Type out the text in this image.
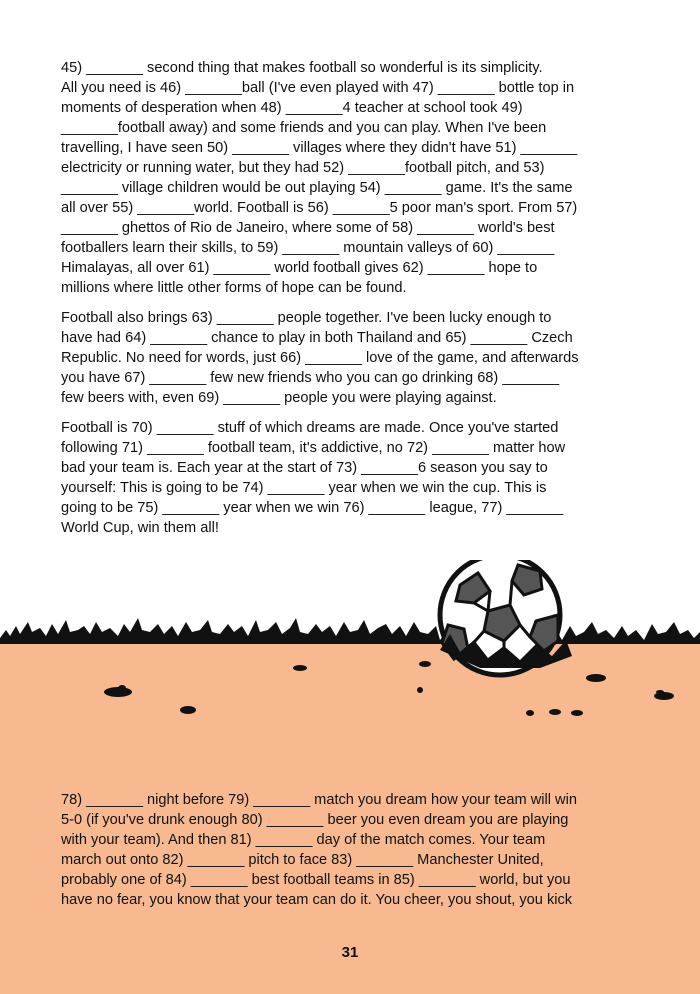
45) _______ second thing that makes football so wonderful is its simplicity.
All you need is 46) _______ball (I've even played with 47) _______ bottle top in
moments of desperation when 48) _______4 teacher at school took 49)
_______football away) and some friends and you can play. When I've been
travelling, I have seen 50) _______ villages where they didn't have 51) _______
electricity or running water, but they had 52) _______football pitch, and 53)
_______ village children would be out playing 54) _______ game. It's the same
all over 55) _______world. Football is 56) _______5 poor man's sport. From 57)
_______ ghettos of Rio de Janeiro, where some of 58) _______ world's best
footballers learn their skills, to 59) _______ mountain valleys of 60) _______
Himalayas, all over 61) _______ world football gives 62) _______ hope to
millions where little other forms of hope can be found.

Football also brings 63) _______ people together. I've been lucky enough to
have had 64) _______ chance to play in both Thailand and 65) _______ Czech
Republic. No need for words, just 66) _______ love of the game, and afterwards
you have 67) _______ few new friends who you can go drinking 68) _______
few beers with, even 69) _______ people you were playing against.

Football is 70) _______ stuff of which dreams are made. Once you've started
following 71) _______ football team, it's addictive, no 72) _______ matter how
bad your team is. Each year at the start of 73) _______6 season you say to
yourself: This is going to be 74) _______ year when we win the cup. This is
going to be 75) _______ year when we win 76) _______ league, 77) _______
World Cup, win them all!

78) _______ night before 79) _______ match you dream how your team will win
5-0 (if you've drunk enough 80) _______ beer you even dream you are playing
with your team). And then 81) _______ day of the match comes. Your team
march out onto 82) _______ pitch to face 83) _______ Manchester United,
probably one of 84) _______ best football teams in 85) _______ world, but you
have no fear, you know that your team can do it. You cheer, you shout, you kick

31
